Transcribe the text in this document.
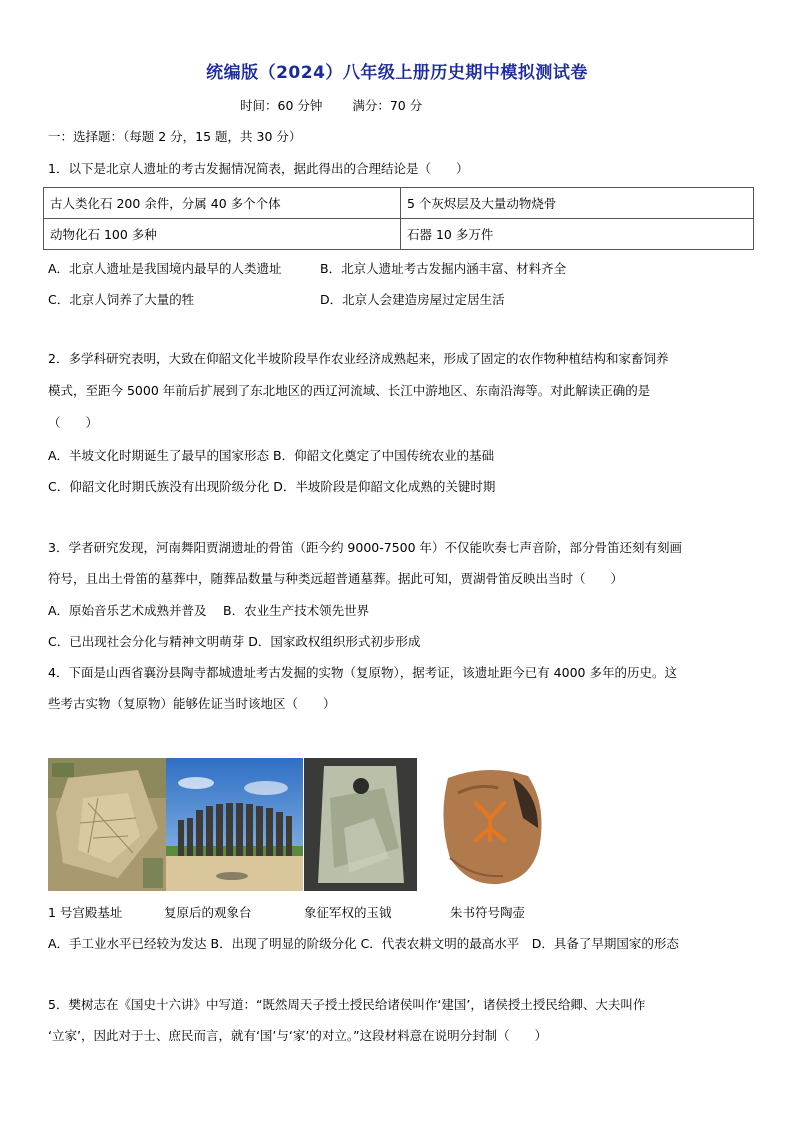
统编版（2024）八年级上册历史期中模拟测试卷
时间：60 分钟 满分：70 分
一：选择题：（每题 2 分，15 题，共 30 分）
1．以下是北京人遗址的考古发掘情况简表，据此得出的合理结论是（　　）
古人类化石 200 余件，分属 40 多个个体	5 个灰烬层及大量动物烧骨
动物化石 100 多种	石器 10 多万件
A．北京人遗址是我国境内最早的人类遗址	B．北京人遗址考古发掘内涵丰富、材料齐全
C．北京人饲养了大量的牲	D．北京人会建造房屋过定居生活
2．多学科研究表明，大致在仰韶文化半坡阶段旱作农业经济成熟起来，形成了固定的农作物种植结构和家畜饲养
模式，至距今 5000 年前后扩展到了东北地区的西辽河流域、长江中游地区、东南沿海等。对此解读正确的是
（　　）
A．半坡文化时期诞生了最早的国家形态 B．仰韶文化奠定了中国传统农业的基础
C．仰韶文化时期氏族没有出现阶级分化 D．半坡阶段是仰韶文化成熟的关键时期
3．学者研究发现，河南舞阳贾湖遗址的骨笛（距今约 9000-7500 年）不仅能吹奏七声音阶，部分骨笛还刻有刻画
符号，且出土骨笛的墓葬中，随葬品数量与种类远超普通墓葬。据此可知，贾湖骨笛反映出当时（　　）
A．原始音乐艺术成熟并普及　 B．农业生产技术领先世界
C．已出现社会分化与精神文明萌芽 D．国家政权组织形式初步形成
4．下面是山西省襄汾县陶寺都城遗址考古发掘的实物（复原物），据考证，该遗址距今已有 4000 多年的历史。这
些考古实物（复原物）能够佐证当时该地区（　　）
1 号宫殿基址	复原后的观象台	象征军权的玉钺	朱书符号陶壶
A．手工业水平已经较为发达 B．出现了明显的阶级分化 C．代表农耕文明的最高水平　D．具备了早期国家的形态
5．樊树志在《国史十六讲》中写道：“既然周天子授土授民给诸侯叫作‘建国’，诸侯授土授民给卿、大夫叫作
‘立家’，因此对于士、庶民而言，就有‘国’与‘家’的对立。”这段材料意在说明分封制（　　）
